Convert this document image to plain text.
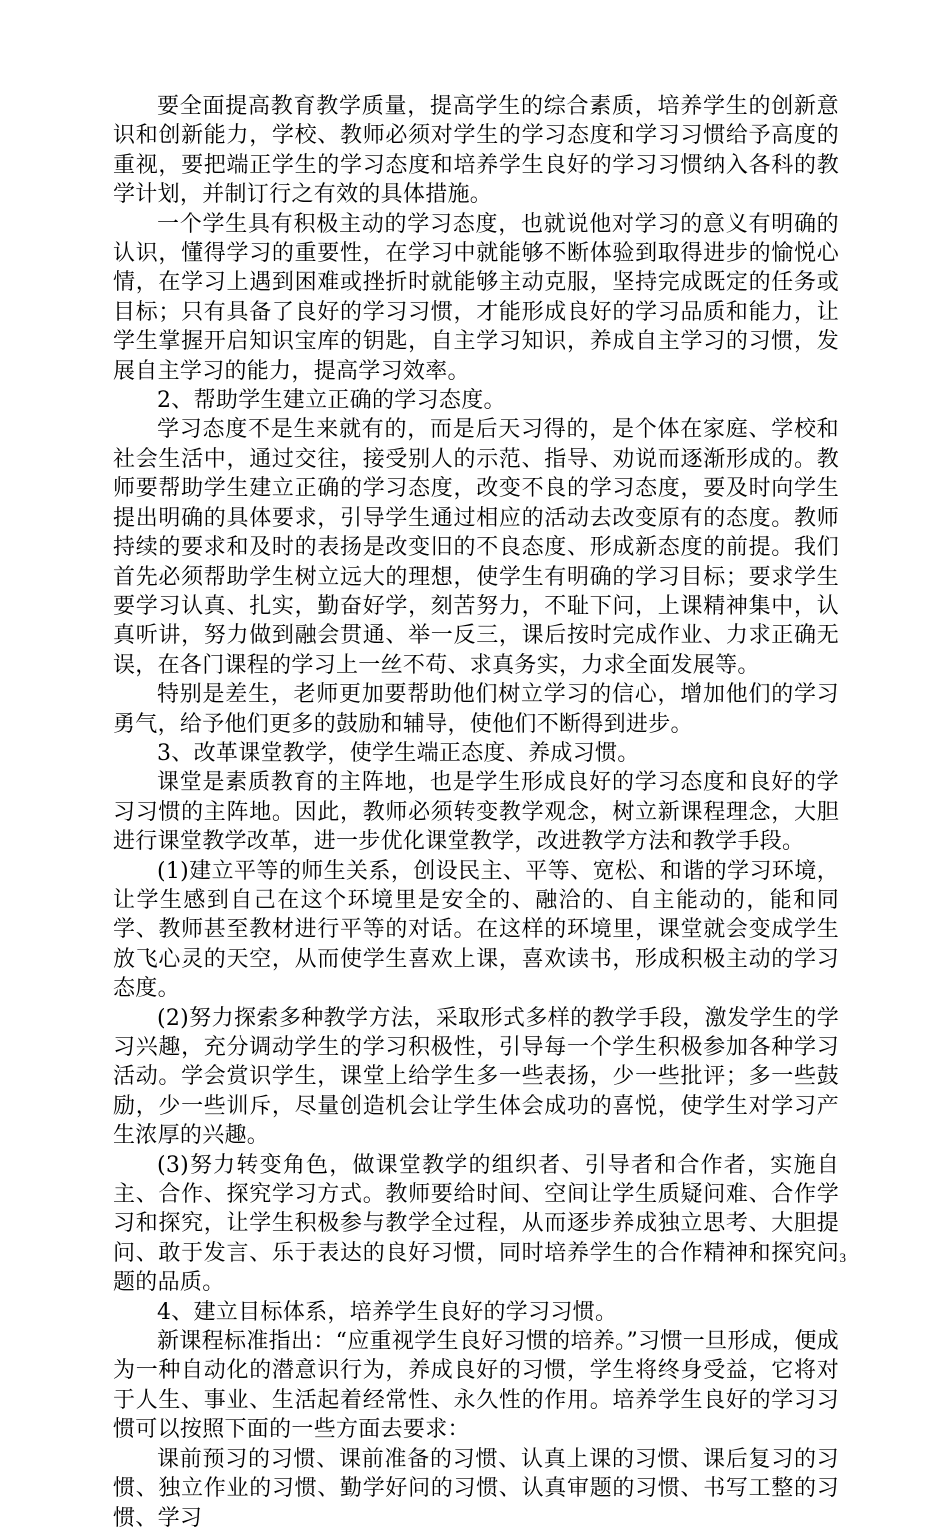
要全面提高教育教学质量，提高学生的综合素质，培养学生的创新意识和创新能力，学校、教师必须对学生的学习态度和学习习惯给予高度的重视，要把端正学生的学习态度和培养学生良好的学习习惯纳入各科的教学计划，并制订行之有效的具体措施。

一个学生具有积极主动的学习态度，也就说他对学习的意义有明确的认识，懂得学习的重要性，在学习中就能够不断体验到取得进步的愉悦心情，在学习上遇到困难或挫折时就能够主动克服，坚持完成既定的任务或目标；只有具备了良好的学习习惯，才能形成良好的学习品质和能力，让学生掌握开启知识宝库的钥匙，自主学习知识，养成自主学习的习惯，发展自主学习的能力，提高学习效率。

2、帮助学生建立正确的学习态度。

学习态度不是生来就有的，而是后天习得的，是个体在家庭、学校和社会生活中，通过交往，接受别人的示范、指导、劝说而逐渐形成的。教师要帮助学生建立正确的学习态度，改变不良的学习态度，要及时向学生提出明确的具体要求，引导学生通过相应的活动去改变原有的态度。教师持续的要求和及时的表扬是改变旧的不良态度、形成新态度的前提。我们首先必须帮助学生树立远大的理想，使学生有明确的学习目标；要求学生要学习认真、扎实，勤奋好学，刻苦努力，不耻下问，上课精神集中，认真听讲，努力做到融会贯通、举一反三，课后按时完成作业、力求正确无误，在各门课程的学习上一丝不苟、求真务实，力求全面发展等。

特别是差生，老师更加要帮助他们树立学习的信心，增加他们的学习勇气，给予他们更多的鼓励和辅导，使他们不断得到进步。

3、改革课堂教学，使学生端正态度、养成习惯。

课堂是素质教育的主阵地，也是学生形成良好的学习态度和良好的学习习惯的主阵地。因此，教师必须转变教学观念，树立新课程理念，大胆进行课堂教学改革，进一步优化课堂教学，改进教学方法和教学手段。

(1)建立平等的师生关系，创设民主、平等、宽松、和谐的学习环境，让学生感到自己在这个环境里是安全的、融洽的、自主能动的，能和同学、教师甚至教材进行平等的对话。在这样的环境里，课堂就会变成学生放飞心灵的天空，从而使学生喜欢上课，喜欢读书，形成积极主动的学习态度。

(2)努力探索多种教学方法，采取形式多样的教学手段，激发学生的学习兴趣，充分调动学生的学习积极性，引导每一个学生积极参加各种学习活动。学会赏识学生，课堂上给学生多一些表扬，少一些批评；多一些鼓励，少一些训斥，尽量创造机会让学生体会成功的喜悦，使学生对学习产生浓厚的兴趣。

(3)努力转变角色，做课堂教学的组织者、引导者和合作者，实施自主、合作、探究学习方式。教师要给时间、空间让学生质疑问难、合作学习和探究，让学生积极参与教学全过程，从而逐步养成独立思考、大胆提问、敢于发言、乐于表达的良好习惯，同时培养学生的合作精神和探究问题的品质。

4、建立目标体系，培养学生良好的学习习惯。

新课程标准指出：“应重视学生良好习惯的培养。”习惯一旦形成，便成为一种自动化的潜意识行为，养成良好的习惯，学生将终身受益，它将对于人生、事业、生活起着经常性、永久性的作用。培养学生良好的学习习惯可以按照下面的一些方面去要求：

课前预习的习惯、课前准备的习惯、认真上课的习惯、课后复习的习惯、独立作业的习惯、勤学好问的习惯、认真审题的习惯、书写工整的习惯、学习

3
